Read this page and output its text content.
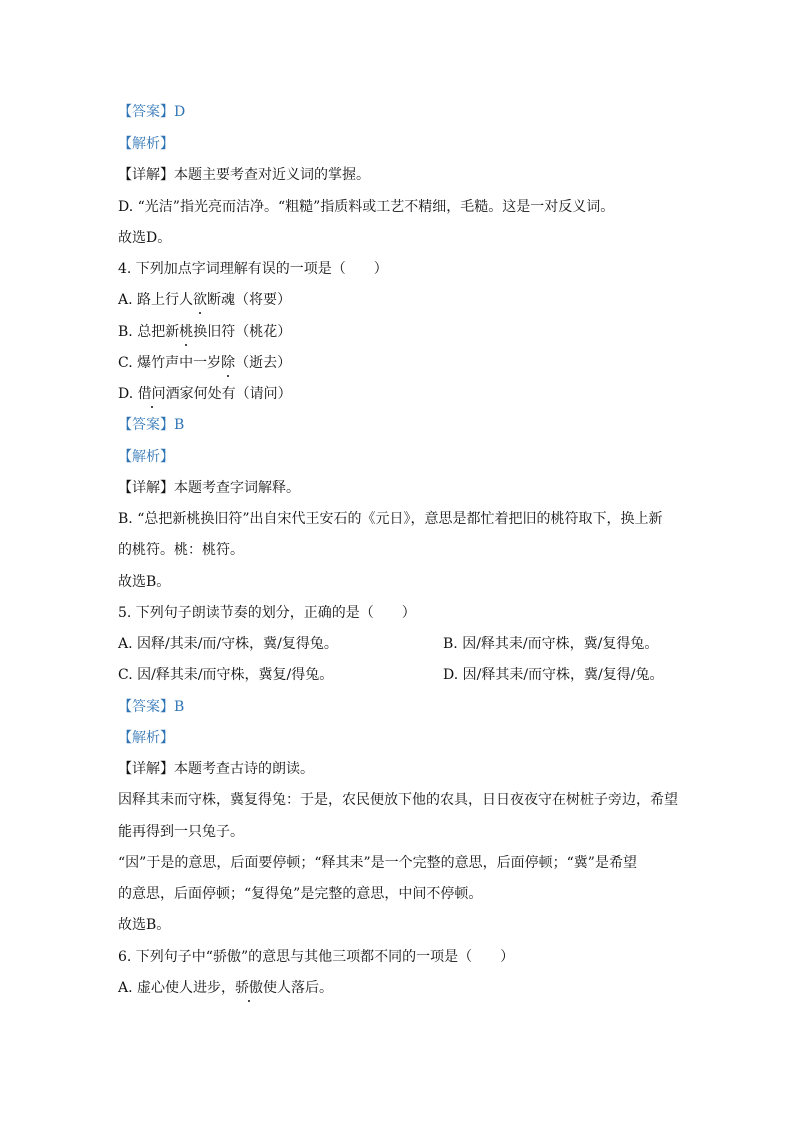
【答案】D
【解析】
【详解】本题主要考查对近义词的掌握。
D. “光洁”指光亮而洁净。“粗糙”指质料或工艺不精细，毛糙。这是一对反义词。
故选D。
4. 下列加点字词理解有误的一项是（　　）
A. 路上行人欲断魂（将要）
B. 总把新桃换旧符（桃花）
C. 爆竹声中一岁除（逝去）
D. 借问酒家何处有（请问）
【答案】B
【解析】
【详解】本题考查字词解释。
B. “总把新桃换旧符”出自宋代王安石的《元日》，意思是都忙着把旧的桃符取下，换上新
的桃符。桃：桃符。
故选B。
5. 下列句子朗读节奏的划分，正确的是（　　）
A. 因释/其耒/而/守株，冀/复得兔。	B. 因/释其耒/而守株，冀/复得兔。
C. 因/释其耒/而守株，冀复/得兔。	D. 因/释其耒/而守株，冀/复得/兔。
【答案】B
【解析】
【详解】本题考查古诗的朗读。
因释其耒而守株，冀复得兔：于是，农民便放下他的农具，日日夜夜守在树桩子旁边，希望
能再得到一只兔子。
“因”于是的意思，后面要停顿；“释其耒”是一个完整的意思，后面停顿；“冀”是希望
的意思，后面停顿；“复得兔”是完整的意思，中间不停顿。
故选B。
6. 下列句子中“骄傲”的意思与其他三项都不同的一项是（　　）
A. 虚心使人进步，骄傲使人落后。
